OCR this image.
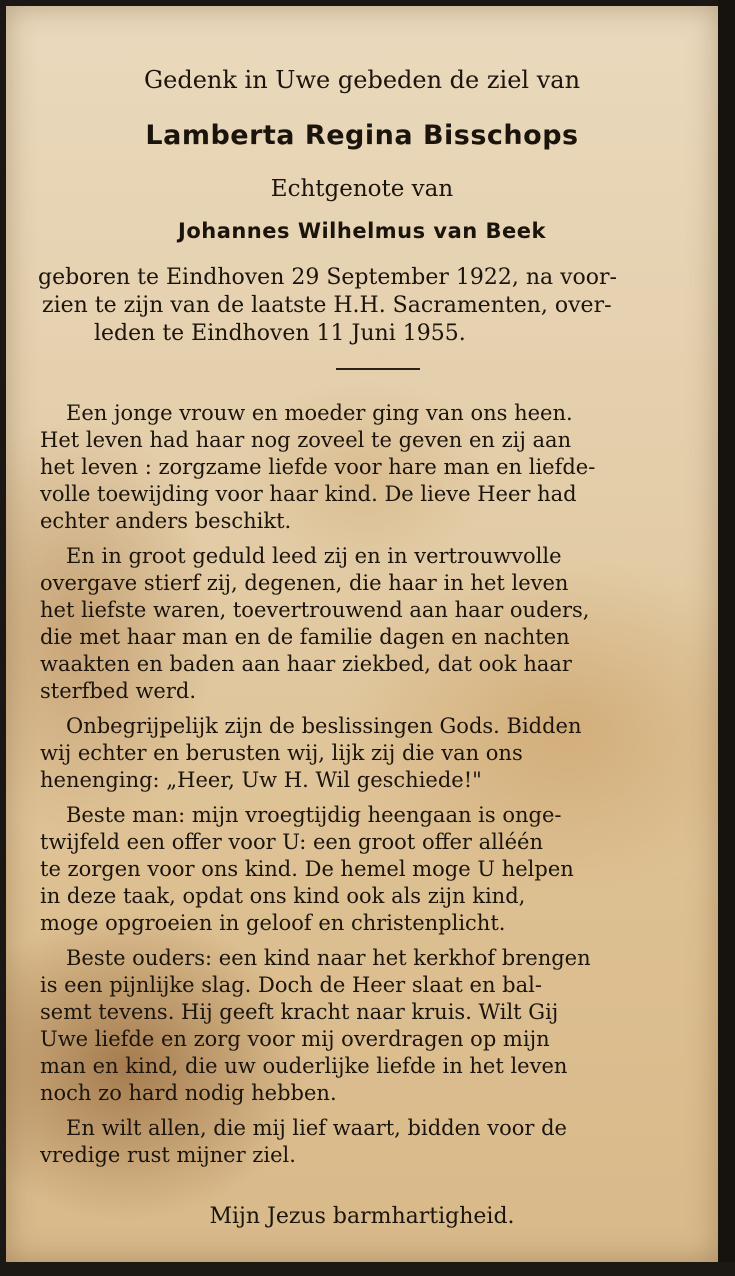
Gedenk in Uwe gebeden de ziel van
Lamberta Regina Bisschops
Echtgenote van
Johannes Wilhelmus van Beek
geboren te Eindhoven 29 September 1922, na voor-
zien te zijn van de laatste H.H. Sacramenten, over-
leden te Eindhoven 11 Juni 1955.
Een jonge vrouw en moeder ging van ons heen.
Het leven had haar nog zoveel te geven en zij aan
het leven : zorgzame liefde voor hare man en liefde-
volle toewijding voor haar kind. De lieve Heer had
echter anders beschikt.
En in groot geduld leed zij en in vertrouwvolle
overgave stierf zij, degenen, die haar in het leven
het liefste waren, toevertrouwend aan haar ouders,
die met haar man en de familie dagen en nachten
waakten en baden aan haar ziekbed, dat ook haar
sterfbed werd.
Onbegrijpelijk zijn de beslissingen Gods. Bidden
wij echter en berusten wij, lijk zij die van ons
henenging: „Heer, Uw H. Wil geschiede!"
Beste man: mijn vroegtijdig heengaan is onge-
twijfeld een offer voor U: een groot offer alléén
te zorgen voor ons kind. De hemel moge U helpen
in deze taak, opdat ons kind ook als zijn kind,
moge opgroeien in geloof en christenplicht.
Beste ouders: een kind naar het kerkhof brengen
is een pijnlijke slag. Doch de Heer slaat en bal-
semt tevens. Hij geeft kracht naar kruis. Wilt Gij
Uwe liefde en zorg voor mij overdragen op mijn
man en kind, die uw ouderlijke liefde in het leven
noch zo hard nodig hebben.
En wilt allen, die mij lief waart, bidden voor de
vredige rust mijner ziel.
Mijn Jezus barmhartigheid.
